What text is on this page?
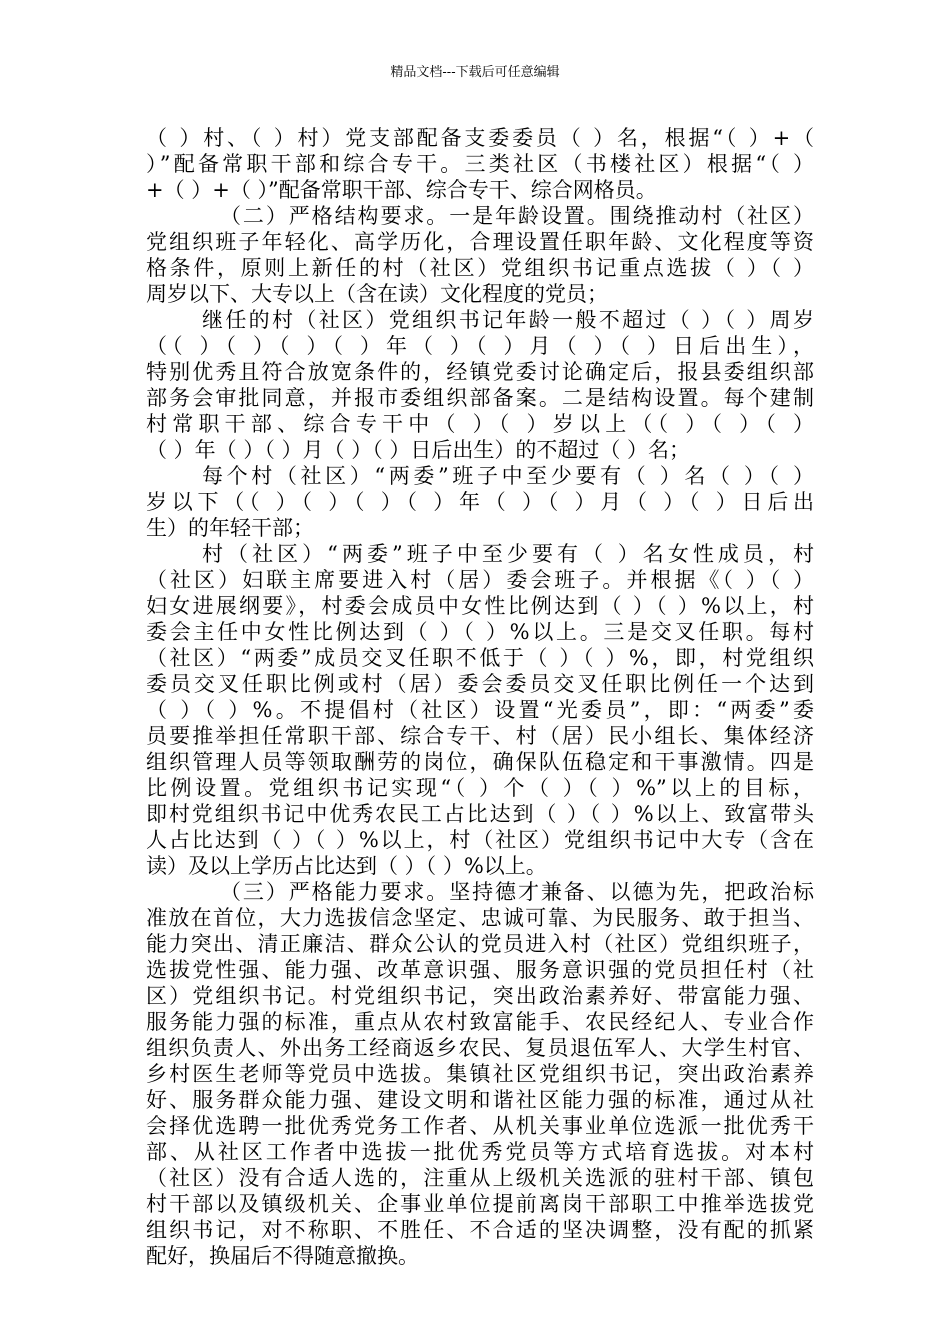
精品文档---下载后可任意编辑
（ ）村、（ ）村）党支部配备支委委员（ ）名，根据“（ ）+（
）”配备常职干部和综合专干。三类社区（书楼社区）根据“（ ）
+（ ）+（ ）”配备常职干部、综合专干、综合网格员。
（二）严格结构要求。一是年龄设置。围绕推动村（社区）
党组织班子年轻化、高学历化，合理设置任职年龄、文化程度等资
格条件，原则上新任的村（社区）党组织书记重点选拔（ ）（ ）
周岁以下、大专以上（含在读）文化程度的党员；
继任的村（社区）党组织书记年龄一般不超过（ ）（ ）周岁
（（ ）（ ）（ ）（ ）年（ ）（ ）月（ ）（ ）日后出生），
特别优秀且符合放宽条件的，经镇党委讨论确定后，报县委组织部
部务会审批同意，并报市委组织部备案。二是结构设置。每个建制
村常职干部、综合专干中（ ）（ ）岁以上（（ ）（ ）（ ）
（ ）年（ ）（ ）月（ ）（ ）日后出生）的不超过（ ）名；
每个村（社区）“两委”班子中至少要有（ ）名（ ）（ ）
岁以下（（ ）（ ）（ ）（ ）年（ ）（ ）月（ ）（ ）日后出
生）的年轻干部；
村（社区）“两委”班子中至少要有（ ）名女性成员，村
（社区）妇联主席要进入村（居）委会班子。并根据《（ ）（ ）
妇女进展纲要》，村委会成员中女性比例达到（ ）（ ）%以上，村
委会主任中女性比例达到（ ）（ ）%以上。三是交叉任职。每村
（社区）“两委”成员交叉任职不低于（ ）（ ）%，即，村党组织
委员交叉任职比例或村（居）委会委员交叉任职比例任一个达到
（ ）（ ）%。不提倡村（社区）设置“光委员”，即：“两委”委
员要推举担任常职干部、综合专干、村（居）民小组长、集体经济
组织管理人员等领取酬劳的岗位，确保队伍稳定和干事激情。四是
比例设置。党组织书记实现“（ ）个（ ）（ ）%”以上的目标，
即村党组织书记中优秀农民工占比达到（ ）（ ）%以上、致富带头
人占比达到（ ）（ ）%以上，村（社区）党组织书记中大专（含在
读）及以上学历占比达到（ ）（ ）%以上。
（三）严格能力要求。坚持德才兼备、以德为先，把政治标
准放在首位，大力选拔信念坚定、忠诚可靠、为民服务、敢于担当、
能力突出、清正廉洁、群众公认的党员进入村（社区）党组织班子，
选拔党性强、能力强、改革意识强、服务意识强的党员担任村（社
区）党组织书记。村党组织书记，突出政治素养好、带富能力强、
服务能力强的标准，重点从农村致富能手、农民经纪人、专业合作
组织负责人、外出务工经商返乡农民、复员退伍军人、大学生村官、
乡村医生老师等党员中选拔。集镇社区党组织书记，突出政治素养
好、服务群众能力强、建设文明和谐社区能力强的标准，通过从社
会择优选聘一批优秀党务工作者、从机关事业单位选派一批优秀干
部、从社区工作者中选拔一批优秀党员等方式培育选拔。对本村
（社区）没有合适人选的，注重从上级机关选派的驻村干部、镇包
村干部以及镇级机关、企事业单位提前离岗干部职工中推举选拔党
组织书记，对不称职、不胜任、不合适的坚决调整，没有配的抓紧
配好，换届后不得随意撤换。
